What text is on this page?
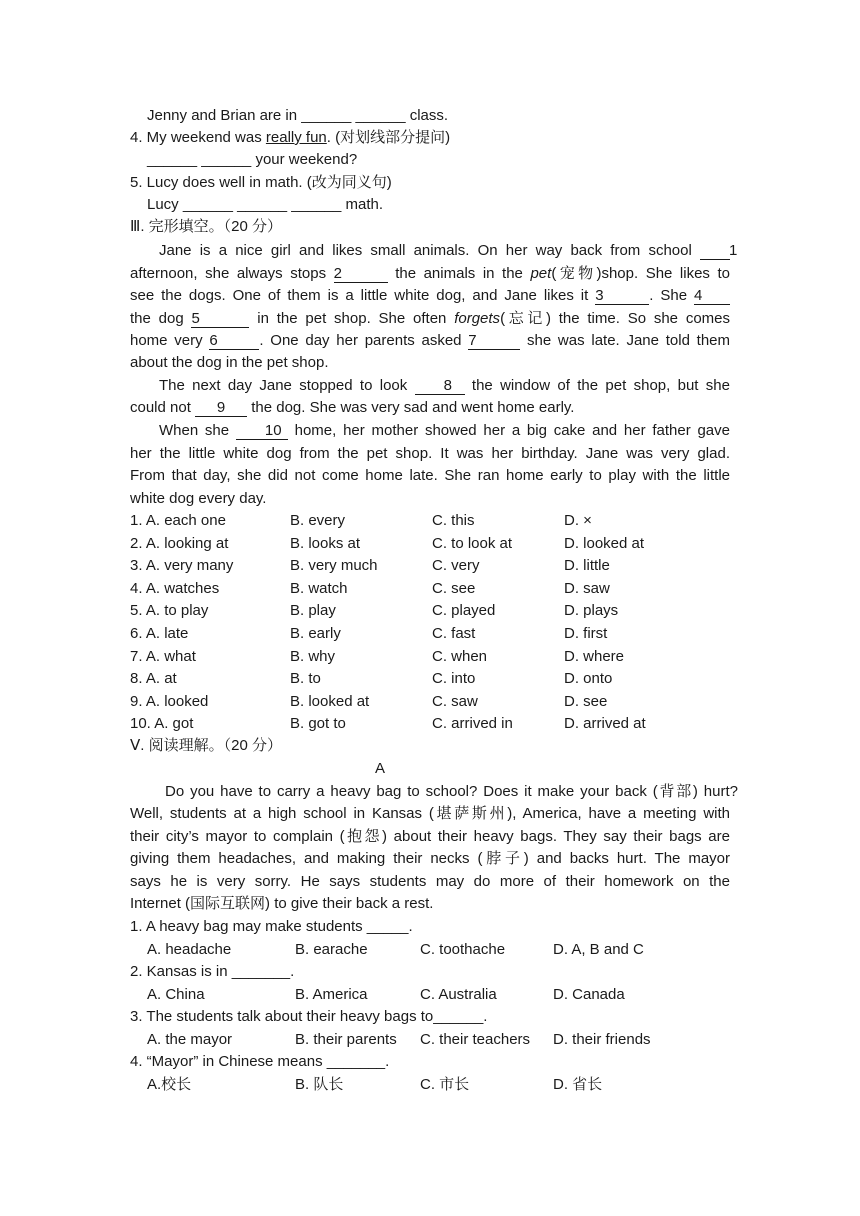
Jenny and Brian are in ______ ______ class.
4. My weekend was really fun. (对划线部分提问)
______ ______ your weekend?
5. Lucy does well in math. (改为同义句)
Lucy ______ ______ ______ math.
Ⅲ. 完形填空。（20 分）
Jane is a nice girl and likes small animals. On her way back from school 1
afternoon, she always stops 2	the animals in the pet(宠物)shop. She likes to
see the dogs. One of them is a little white dog, and Jane likes it 3	. She 4
the dog 5	in the pet shop. She often forgets(忘记) the time. So she comes
home very 6	. One day her parents asked 7	she was late. Jane told them
about the dog in the pet shop.
The next day Jane stopped to look 8 the window of the pet shop, but she
could not 9 the dog. She was very sad and went home early.
When she 10 home, her mother showed her a big cake and her father gave
her the little white dog from the pet shop. It was her birthday. Jane was very glad.
From that day, she did not come home late. She ran home early to play with the little
white dog every day.
1. A. each one	B. every	C. this	D. ×
2. A. looking at	B. looks at	C. to look at	D. looked at
3. A. very many	B. very much	C. very	D. little
4. A. watches	B. watch	C. see	D. saw
5. A. to play	B. play	C. played	D. plays
6. A. late	B. early	C. fast	D. first
7. A. what	B. why	C. when	D. where
8. A. at	B. to	C. into	D. onto
9. A. looked	B. looked at	C. saw	D. see
10. A. got	B. got to	C. arrived in	D. arrived at
Ⅴ. 阅读理解。（20 分）
A
Do you have to carry a heavy bag to school? Does it make your back (背部) hurt?
Well, students at a high school in Kansas (堪萨斯州), America, have a meeting with
their city’s mayor to complain (抱怨) about their heavy bags. They say their bags are
giving them headaches, and making their necks (脖子) and backs hurt. The mayor
says he is very sorry. He says students may do more of their homework on the
Internet (国际互联网) to give their back a rest.
1. A heavy bag may make students _____.
A. headache	B. earache	C. toothache	D. A, B and C
2. Kansas is in _______.
A. China	B. America	C. Australia	D. Canada
3. The students talk about their heavy bags to______.
A. the mayor	B. their parents C. their teachers D. their friends
4. “Mayor” in Chinese means _______.
A.校长	B. 队长	C. 市长	D. 省长
